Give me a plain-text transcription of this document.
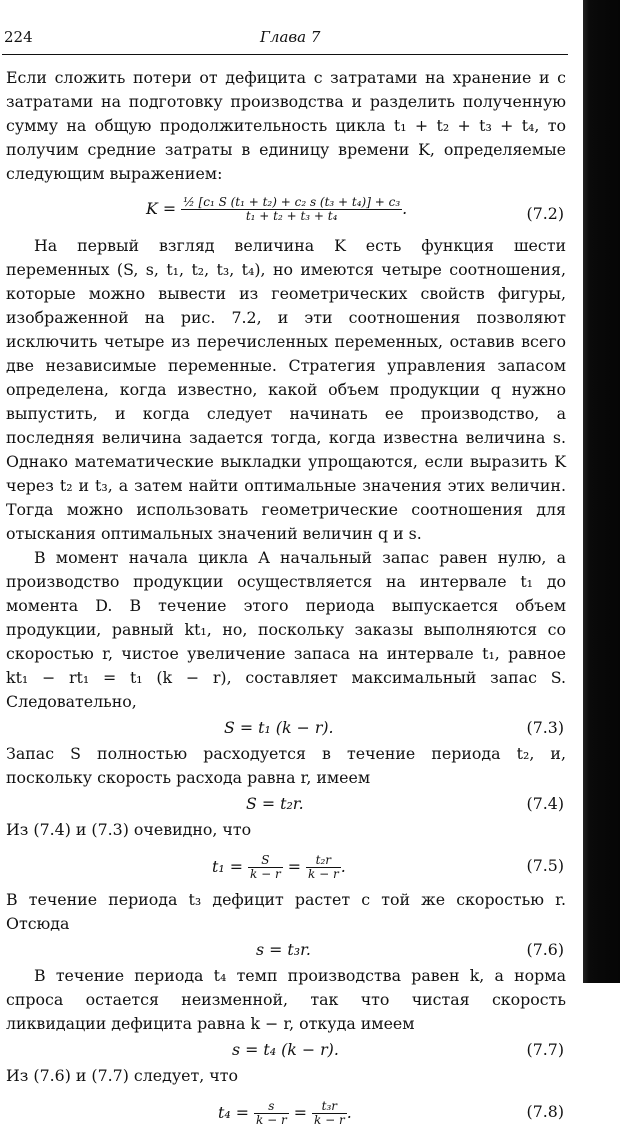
224	Глава 7

Если сложить потери от дефицита с затратами на хранение и с затратами на подготовку производства и разделить полученную сумму на общую продолжительность цикла t₁ + t₂ + t₃ + t₄, то получим средние затраты в единицу времени K, определяемые следующим выражением:

$K = \frac{\text{½ [c₁ S (t₁ + t₂) + c₂ s (t₃ + t₄)] + c₃}}{\text{t₁ + t₂ + t₃ + t₄}}$ .	(7.2)

На первый взгляд величина K есть функция шести переменных (S, s, t₁, t₂, t₃, t₄), но имеются четыре соотношения, которые можно вывести из геометрических свойств фигуры, изображенной на рис. 7.2, и эти соотношения позволяют исключить четыре из перечисленных переменных, оставив всего две независимые переменные. Стратегия управления запасом определена, когда известно, какой объем продукции q нужно выпустить, и когда следует начинать ее производство, а последняя величина задается тогда, когда известна величина s. Однако математические выкладки упрощаются, если выразить K через t₂ и t₃, а затем найти оптимальные значения этих величин. Тогда можно использовать геометрические соотношения для отыскания оптимальных значений величин q и s.

В момент начала цикла A начальный запас равен нулю, а производство продукции осуществляется на интервале t₁ до момента D. В течение этого периода выпускается объем продукции, равный kt₁, но, поскольку заказы выполняются со скоростью r, чистое увеличение запаса на интервале t₁, равное kt₁ − rt₁ = t₁ (k − r), составляет максимальный запас S. Следовательно,

S = t₁ (k − r).	(7.3)

Запас S полностью расходуется в течение периода t₂, и, поскольку скорость расхода равна r, имеем

S = t₂r.	(7.4)

Из (7.4) и (7.3) очевидно, что

$t_1 = \frac{S}{k - r} = \frac{\text{t₂r}}{k - r}$ .	(7.5)

В течение периода t₃ дефицит растет с той же скоростью r. Отсюда

s = t₃r.	(7.6)

В течение периода t₄ темп производства равен k, а норма спроса остается неизменной, так что чистая скорость ликвидации дефицита равна k − r, откуда имеем

s = t₄ (k − r).	(7.7)

Из (7.6) и (7.7) следует, что

$t_4 = \frac{s}{k - r} = \frac{\text{t₃r}}{k - r}$ .	(7.8)
